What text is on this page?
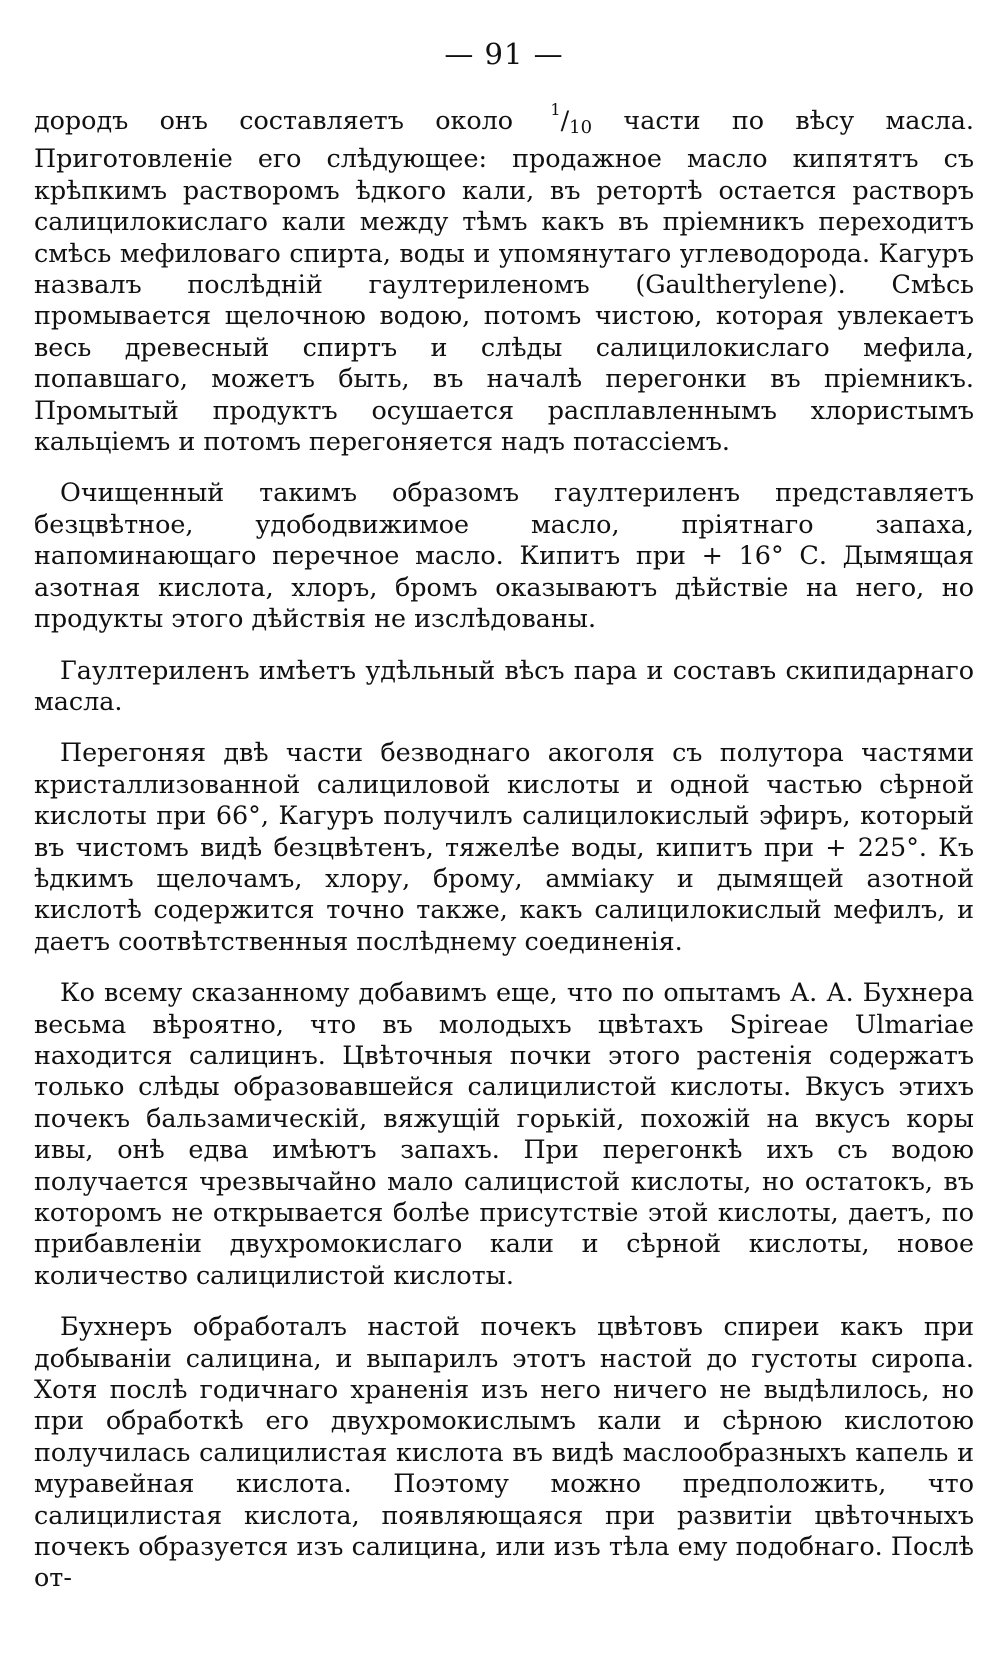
— 91 —

дородъ онъ составляетъ около $^1/_{10}$ части по вѣсу масла. Приготовленіе его слѣдующее: продажное масло кипятятъ съ крѣпкимъ растворомъ ѣдкого кали, въ ретортѣ остается растворъ салицилокислаго кали между тѣмъ какъ въ пріемникъ переходитъ смѣсь мефиловаго спирта, воды и упомянутаго углеводорода. Кагуръ назвалъ послѣдній гаултериленомъ (Gaultherylene). Смѣсь промывается щелочною водою, потомъ чистою, которая увлекаетъ весь древесный спиртъ и слѣды салицилокислаго мефила, попавшаго, можетъ быть, въ началѣ перегонки въ пріемникъ. Промытый продуктъ осушается расплавленнымъ хлористымъ кальціемъ и потомъ перегоняется надъ потассіемъ.

Очищенный такимъ образомъ гаултериленъ представляетъ безцвѣтное, удободвижимое масло, пріятнаго запаха, напоминающаго перечное масло. Кипитъ при + 16° С. Дымящая азотная кислота, хлоръ, бромъ оказываютъ дѣйствіе на него, но продукты этого дѣйствія не изслѣдованы.

Гаултериленъ имѣетъ удѣльный вѣсъ пара и составъ скипидарнаго масла.

Перегоняя двѣ части безводнаго акоголя съ полутора частями кристаллизованной салициловой кислоты и одной частью сѣрной кислоты при 66°, Кагуръ получилъ салицилокислый эфиръ, который въ чистомъ видѣ безцвѣтенъ, тяжелѣе воды, кипитъ при + 225°. Къ ѣдкимъ щелочамъ, хлору, брому, аммiаку и дымящей азотной кислотѣ содержится точно также, какъ салицилокислый мефилъ, и даетъ соотвѣтственныя послѣднему соединенія.

Ко всему сказанному добавимъ еще, что по опытамъ А. А. Бухнера весьма вѣроятно, что въ молодыхъ цвѣтахъ Spireae Ulmariae находится салицинъ. Цвѣточныя почки этого растенія содержатъ только слѣды образовавшейся салицилистой кислоты. Вкусъ этихъ почекъ бальзамическій, вяжущій горькій, похожій на вкусъ коры ивы, онѣ едва имѣютъ запахъ. При перегонкѣ ихъ съ водою получается чрезвычайно мало салицистой кислоты, но остатокъ, въ которомъ не открывается болѣе присутствіе этой кислоты, даетъ, по прибавленіи двухромокислаго кали и сѣрной кислоты, новое количество салицилистой кислоты.

Бухнеръ обработалъ настой почекъ цвѣтовъ спиреи какъ при добываніи салицина, и выпарилъ этотъ настой до густоты сиропа. Хотя послѣ годичнаго храненія изъ него ничего не выдѣлилось, но при обработкѣ его двухромокислымъ кали и сѣрною кислотою получилась салицилистая кислота въ видѣ маслообразныхъ капель и муравейная кислота. Поэтому можно предположить, что салицилистая кислота, появляющаяся при развитіи цвѣточныхъ почекъ образуется изъ салицина, или изъ тѣла ему подобнаго. Послѣ от-
